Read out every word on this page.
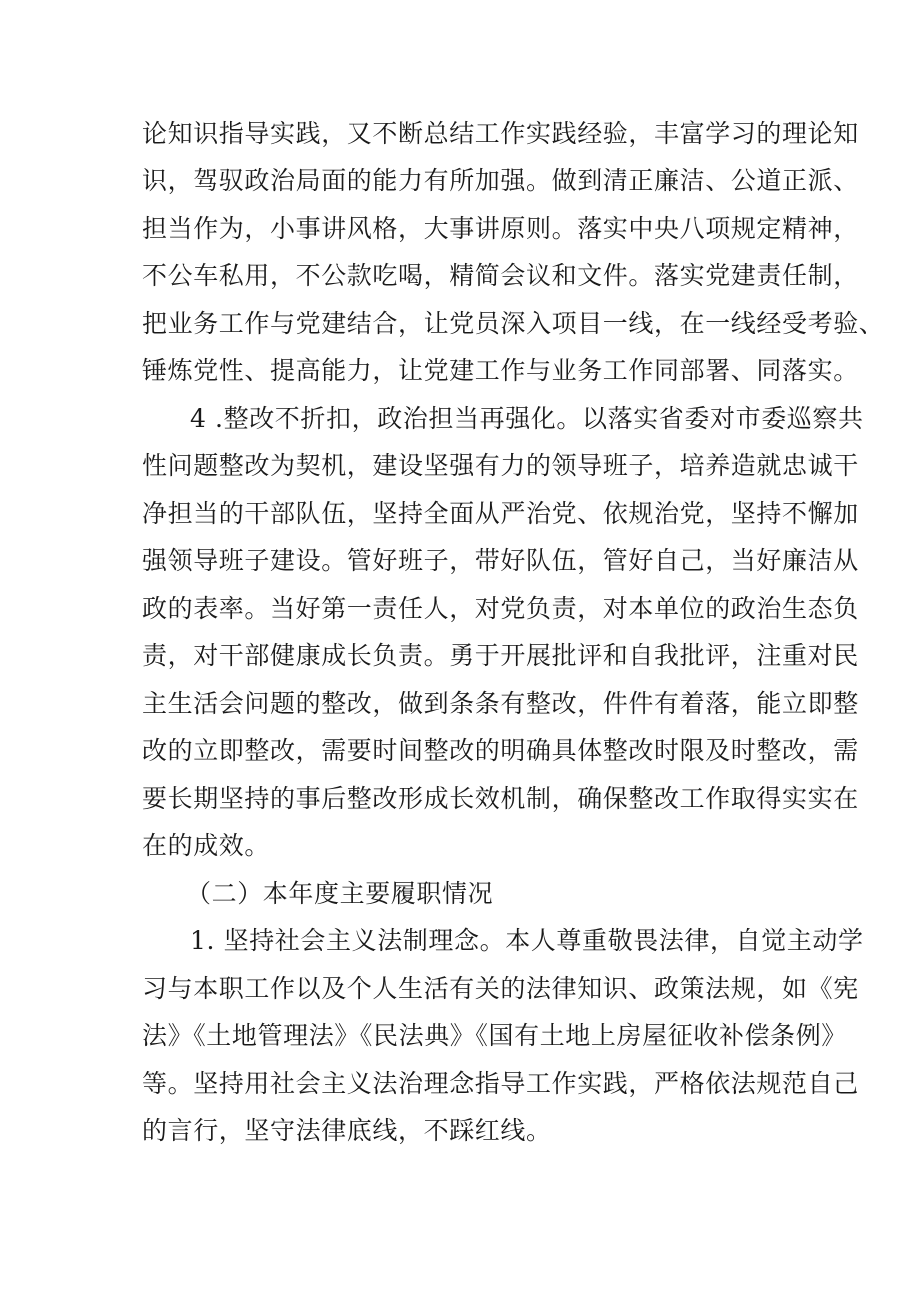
论知识指导实践，又不断总结工作实践经验，丰富学习的理论知
识，驾驭政治局面的能力有所加强。做到清正廉洁、公道正派、
担当作为，小事讲风格，大事讲原则。落实中央八项规定精神，
不公车私用，不公款吃喝，精简会议和文件。落实党建责任制，
把业务工作与党建结合，让党员深入项目一线，在一线经受考验、
锤炼党性、提高能力，让党建工作与业务工作同部署、同落实。
4 .整改不折扣，政治担当再强化。以落实省委对市委巡察共
性问题整改为契机，建设坚强有力的领导班子，培养造就忠诚干
净担当的干部队伍，坚持全面从严治党、依规治党，坚持不懈加
强领导班子建设。管好班子，带好队伍，管好自己，当好廉洁从
政的表率。当好第一责任人，对党负责，对本单位的政治生态负
责，对干部健康成长负责。勇于开展批评和自我批评，注重对民
主生活会问题的整改，做到条条有整改，件件有着落，能立即整
改的立即整改，需要时间整改的明确具体整改时限及时整改，需
要长期坚持的事后整改形成长效机制，确保整改工作取得实实在
在的成效。
（二）本年度主要履职情况
1. 坚持社会主义法制理念。本人尊重敬畏法律，自觉主动学
习与本职工作以及个人生活有关的法律知识、政策法规，如《宪
法》《土地管理法》《民法典》《国有土地上房屋征收补偿条例》
等。坚持用社会主义法治理念指导工作实践，严格依法规范自己
的言行，坚守法律底线，不踩红线。
